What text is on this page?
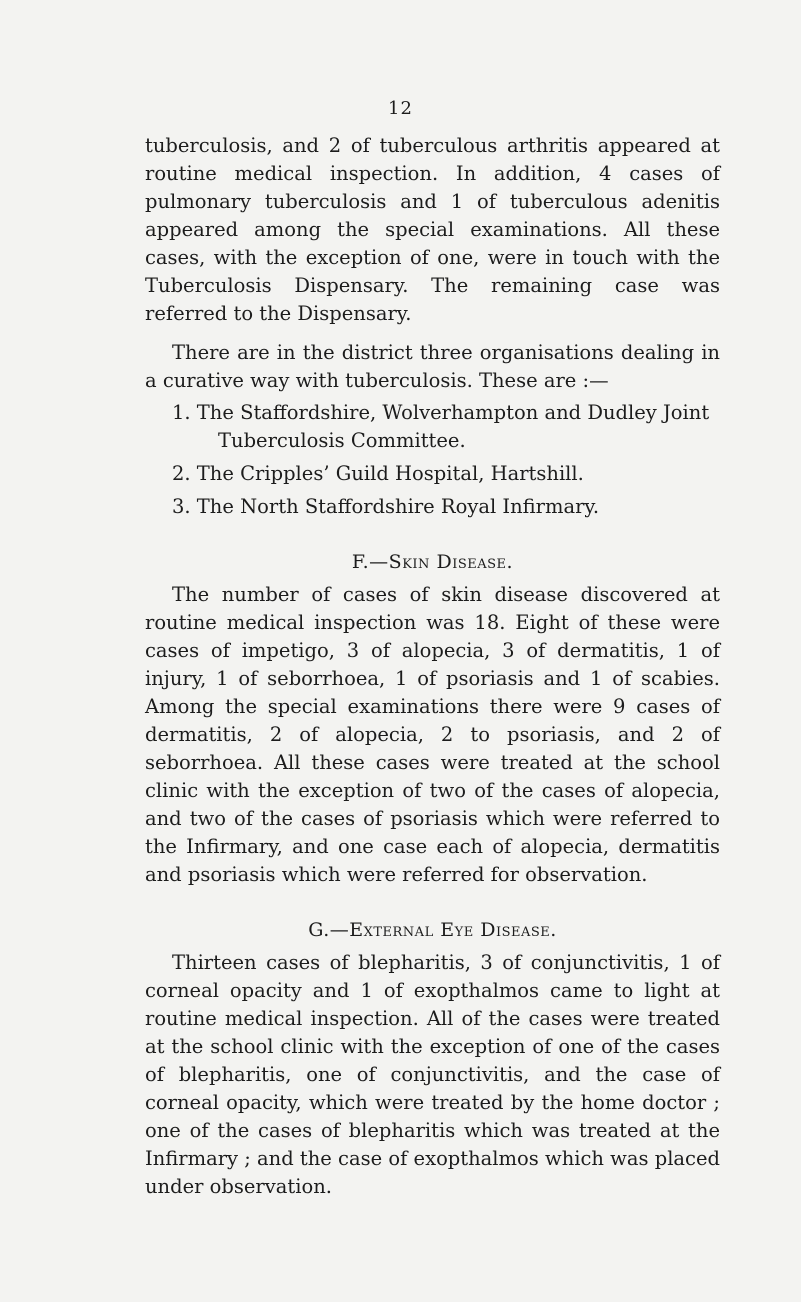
12

tuberculosis, and 2 of tuberculous arthritis appeared at routine medical inspection. In addition, 4 cases of pulmonary tuberculosis and 1 of tuberculous adenitis appeared among the special examinations. All these cases, with the exception of one, were in touch with the Tuberculosis Dispensary. The remaining case was referred to the Dispensary.

There are in the district three organisations dealing in a curative way with tuberculosis. These are :—

1. The Staffordshire, Wolverhampton and Dudley Joint Tuberculosis Committee.
2. The Cripples’ Guild Hospital, Hartshill.
3. The North Staffordshire Royal Infirmary.
F.—Skin Disease.

The number of cases of skin disease discovered at routine medical inspection was 18. Eight of these were cases of impetigo, 3 of alopecia, 3 of dermatitis, 1 of injury, 1 of seborrhoea, 1 of psoriasis and 1 of scabies. Among the special examinations there were 9 cases of dermatitis, 2 of alopecia, 2 to psoriasis, and 2 of seborrhoea. All these cases were treated at the school clinic with the exception of two of the cases of alopecia, and two of the cases of psoriasis which were referred to the Infirmary, and one case each of alopecia, dermatitis and psoriasis which were referred for observation.

G.—External Eye Disease.

Thirteen cases of blepharitis, 3 of conjunctivitis, 1 of corneal opacity and 1 of exopthalmos came to light at routine medical inspection. All of the cases were treated at the school clinic with the exception of one of the cases of blepharitis, one of conjunctivitis, and the case of corneal opacity, which were treated by the home doctor ; one of the cases of blepharitis which was treated at the Infirmary ; and the case of exopthalmos which was placed under observation.
